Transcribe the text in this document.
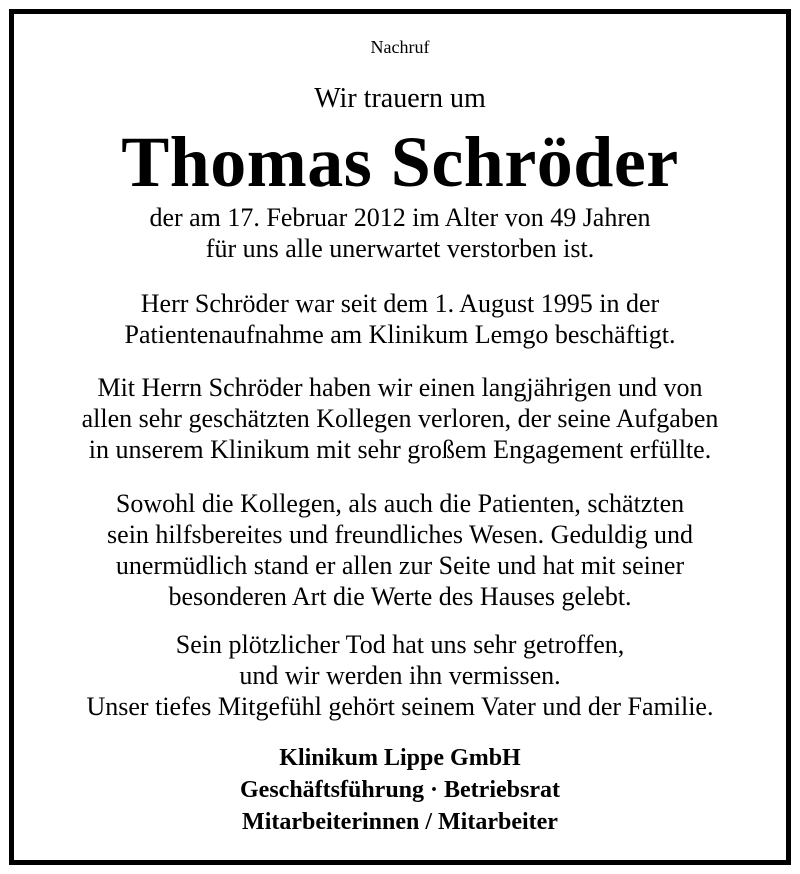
Nachruf
Wir trauern um
Thomas Schröder
der am 17. Februar 2012 im Alter von 49 Jahren
für uns alle unerwartet verstorben ist.
Herr Schröder war seit dem 1. August 1995 in der
Patientenaufnahme am Klinikum Lemgo beschäftigt.
Mit Herrn Schröder haben wir einen langjährigen und von
allen sehr geschätzten Kollegen verloren, der seine Aufgaben
in unserem Klinikum mit sehr großem Engagement erfüllte.
Sowohl die Kollegen, als auch die Patienten, schätzten
sein hilfsbereites und freundliches Wesen. Geduldig und
unermüdlich stand er allen zur Seite und hat mit seiner
besonderen Art die Werte des Hauses gelebt.
Sein plötzlicher Tod hat uns sehr getroffen,
und wir werden ihn vermissen.
Unser tiefes Mitgefühl gehört seinem Vater und der Familie.
Klinikum Lippe GmbH
Geschäftsführung · Betriebsrat
Mitarbeiterinnen / Mitarbeiter
